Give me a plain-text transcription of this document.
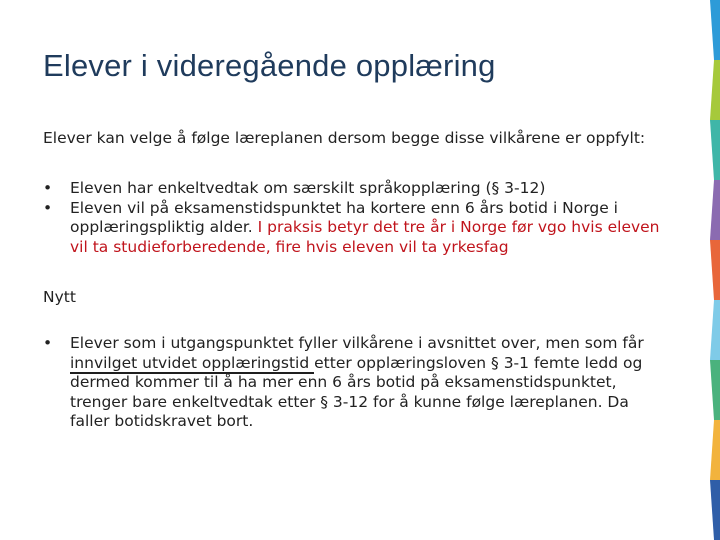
Elever i videregående opplæring
Elever kan velge å følge læreplanen dersom begge disse vilkårene er oppfylt:
• Eleven har enkeltvedtak om særskilt språkopplæring (§ 3-12)
• Eleven vil på eksamenstidspunktet ha kortere enn 6 års botid i Norge i opplæringspliktig alder. I praksis betyr det tre år i Norge før vgo hvis eleven vil ta studieforberedende, fire hvis eleven vil ta yrkesfag
Nytt
• Elever som i utgangspunktet fyller vilkårene i avsnittet over, men som får innvilget utvidet opplæringstid etter opplæringsloven § 3-1 femte ledd og dermed kommer til å ha mer enn 6 års botid på eksamenstidspunktet, trenger bare enkeltvedtak etter § 3-12 for å kunne følge læreplanen. Da faller botidskravet bort.
